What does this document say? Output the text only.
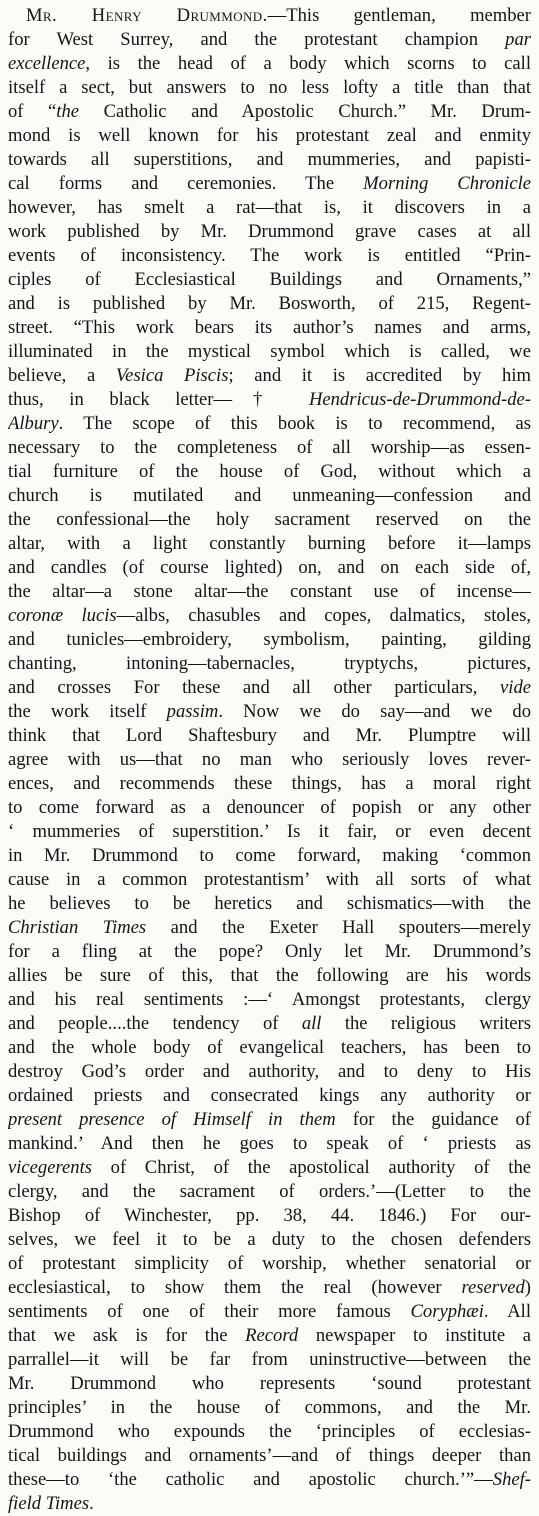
Mr. Henry Drummond.—This gentleman, member
for West Surrey, and the protestant champion par
excellence, is the head of a body which scorns to call
itself a sect, but answers to no less lofty a title than that
of “the Catholic and Apostolic Church.” Mr. Drum-
mond is well known for his protestant zeal and enmity
towards all superstitions, and mummeries, and papisti-
cal forms and ceremonies. The Morning Chronicle
however, has smelt a rat—that is, it discovers in a
work published by Mr. Drummond grave cases at all
events of inconsistency. The work is entitled “Prin-
ciples of Ecclesiastical Buildings and Ornaments,”
and is published by Mr. Bosworth, of 215, Regent-
street. “This work bears its author’s names and arms,
illuminated in the mystical symbol which is called, we
believe, a Vesica Piscis; and it is accredited by him
thus, in black letter—† Hendricus-de-Drummond-de-
Albury. The scope of this book is to recommend, as
necessary to the completeness of all worship—as essen-
tial furniture of the house of God, without which a
church is mutilated and unmeaning—confession and
the confessional—the holy sacrament reserved on the
altar, with a light constantly burning before it—lamps
and candles (of course lighted) on, and on each side of,
the altar—a stone altar—the constant use of incense—
coronæ lucis—albs, chasubles and copes, dalmatics, stoles,
and tunicles—embroidery, symbolism, painting, gilding
chanting, intoning—tabernacles, tryptychs, pictures,
and crosses For these and all other particulars, vide
the work itself passim. Now we do say—and we do
think that Lord Shaftesbury and Mr. Plumptre will
agree with us—that no man who seriously loves rever-
ences, and recommends these things, has a moral right
to come forward as a denouncer of popish or any other
‘ mummeries of superstition.’ Is it fair, or even decent
in Mr. Drummond to come forward, making ‘common
cause in a common protestantism’ with all sorts of what
he believes to be heretics and schismatics—with the
Christian Times and the Exeter Hall spouters—merely
for a fling at the pope? Only let Mr. Drummond’s
allies be sure of this, that the following are his words
and his real sentiments :—‘ Amongst protestants, clergy
and people....the tendency of all the religious writers
and the whole body of evangelical teachers, has been to
destroy God’s order and authority, and to deny to His
ordained priests and consecrated kings any authority or
present presence of Himself in them for the guidance of
mankind.’ And then he goes to speak of ‘ priests as
vicegerents of Christ, of the apostolical authority of the
clergy, and the sacrament of orders.’—(Letter to the
Bishop of Winchester, pp. 38, 44. 1846.) For our-
selves, we feel it to be a duty to the chosen defenders
of protestant simplicity of worship, whether senatorial or
ecclesiastical, to show them the real (however reserved)
sentiments of one of their more famous Coryphæi. All
that we ask is for the Record newspaper to institute a
parrallel—it will be far from uninstructive—between the
Mr. Drummond who represents ‘sound protestant
principles’ in the house of commons, and the Mr.
Drummond who expounds the ‘principles of ecclesias-
tical buildings and ornaments’—and of things deeper than
these—to ‘the catholic and apostolic church.’”—Shef-
field Times.
